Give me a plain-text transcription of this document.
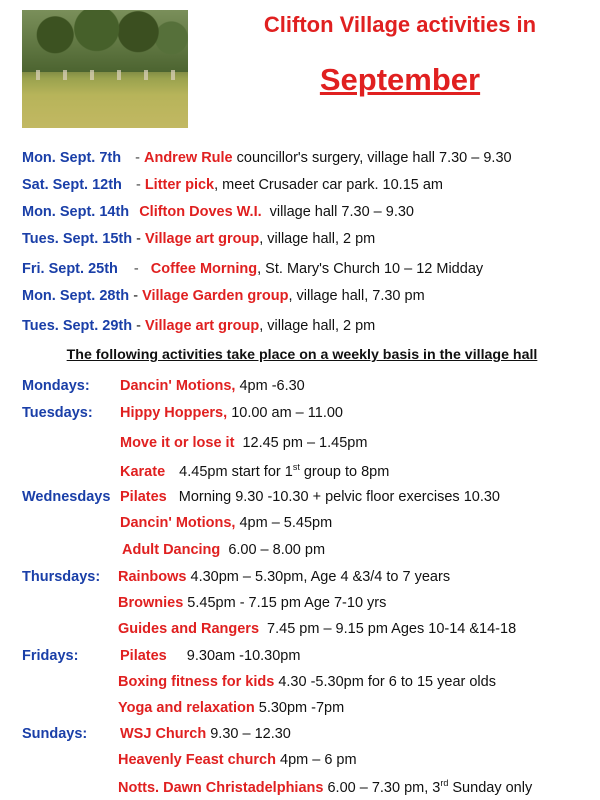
Clifton Village activities in
September
Mon. Sept. 7th - Andrew Rule councillor's surgery, village hall 7.30 – 9.30
Sat. Sept. 12th - Litter pick, meet Crusader car park. 10.15 am
Mon. Sept. 14th Clifton Doves W.I. village hall 7.30 – 9.30
Tues. Sept. 15th - Village art group, village hall, 2 pm
Fri. Sept. 25th - Coffee Morning, St. Mary's Church 10 – 12 Midday
Mon. Sept. 28th - Village Garden group, village hall, 7.30 pm
Tues. Sept. 29th - Village art group, village hall, 2 pm
The following activities take place on a weekly basis in the village hall
Mondays: Dancin' Motions, 4pm -6.30
Tuesdays: Hippy Hoppers, 10.00 am – 11.00
Move it or lose it 12.45 pm – 1.45pm
Karate 4.45pm start for 1st group to 8pm
Wednesdays Pilates Morning 9.30 -10.30 + pelvic floor exercises 10.30
Dancin' Motions, 4pm – 5.45pm
Adult Dancing 6.00 – 8.00 pm
Thursdays: Rainbows 4.30pm – 5.30pm, Age 4 &3/4 to 7 years
Brownies 5.45pm - 7.15 pm Age 7-10 yrs
Guides and Rangers 7.45 pm – 9.15 pm Ages 10-14 &14-18
Fridays:	Pilates 9.30am -10.30pm
Boxing fitness for kids 4.30 -5.30pm for 6 to 15 year olds
Yoga and relaxation 5.30pm -7pm
Sundays: WSJ Church 9.30 – 12.30
Heavenly Feast church 4pm – 6 pm
Notts. Dawn Christadelphians 6.00 – 7.30 pm, 3rd Sunday only
